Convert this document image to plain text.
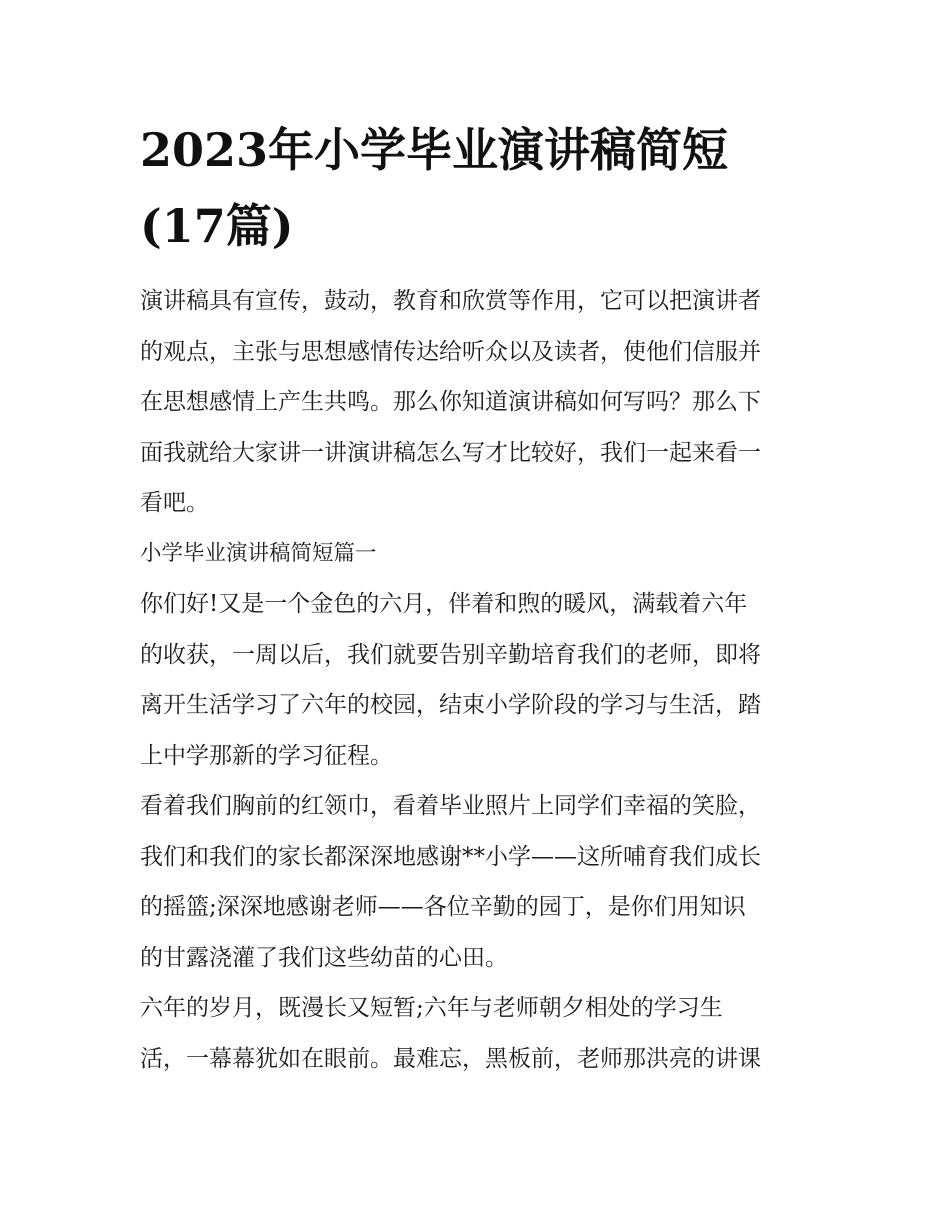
2023年小学毕业演讲稿简短
(17篇)

演讲稿具有宣传，鼓动，教育和欣赏等作用，它可以把演讲者
的观点，主张与思想感情传达给听众以及读者，使他们信服并
在思想感情上产生共鸣。那么你知道演讲稿如何写吗？那么下
面我就给大家讲一讲演讲稿怎么写才比较好，我们一起来看一
看吧。

小学毕业演讲稿简短篇一

你们好!又是一个金色的六月，伴着和煦的暖风，满载着六年
的收获，一周以后，我们就要告别辛勤培育我们的老师，即将
离开生活学习了六年的校园，结束小学阶段的学习与生活，踏
上中学那新的学习征程。

看着我们胸前的红领巾，看着毕业照片上同学们幸福的笑脸，
我们和我们的家长都深深地感谢**小学——这所哺育我们成长
的摇篮;深深地感谢老师——各位辛勤的园丁，是你们用知识
的甘露浇灌了我们这些幼苗的心田。

六年的岁月，既漫长又短暂;六年与老师朝夕相处的学习生
活，一幕幕犹如在眼前。最难忘，黑板前，老师那洪亮的讲课
